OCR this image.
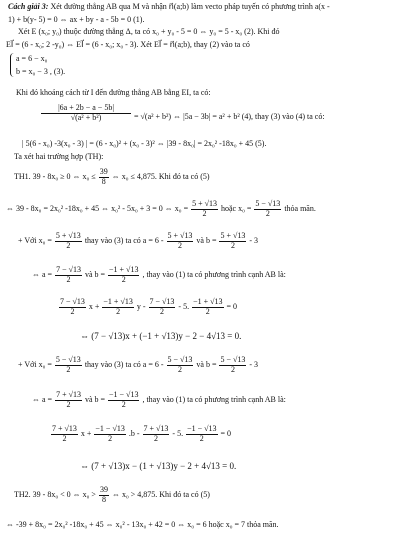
Cách giải 3: Xét đường thẳng AB qua M và nhận n⃗(a;b) làm vecto pháp tuyến có phương trình a(x -
1) + b(y- 5) = 0 ⇔ ax + by - a - 5b = 0 (1).
Xét E (x₀; y₀) thuộc đường thẳng Δ, ta có x₀ + y₀ - 5 = 0 ⇔ y₀ = 5 - x₀ (2). Khi đó
EI⃗ = (6 - x₀; 2 -y₀) ⇔ EI⃗ = (6 - x₀; x₀ - 3). Xét EI⃗ = n⃗(a;b), thay (2) vào ta có
a = 6 − x₀
b = x₀ − 3 , (3).
Khi đó khoảng cách từ I đến đường thẳng AB bằng EI, ta có:
$\frac{|6a + 2b - a - 5b|}{\text{√(a² + b²)}} = √(a^2 + b^2)$ ⇔ |5a − 3b| = a² + b² (4), thay (3) vào (4) ta có:
| 5(6 - x₀) -3(x₀ - 3) | = (6 - x₀)² + (x₀ - 3)² ⇔ |39 - 8x₀| = 2x₀² -18x₀ + 45 (5).
Ta xét hai trường hợp (TH):
TH1. 39 - 8x₀ ≥ 0 ⇔ $x_0 \le \frac{39}{8}$ ⇔ x₀ ≤ 4,875. Khi đó ta có (5)
⇔ 39 - 8x₀ = 2x₀² -18x₀ + 45 ⇔ x₀² - 5x₀ + 3 = 0 ⇔ $x_0 = \frac{5 + √13}{2}$ hoặc $x_0 = \frac{5 - √13}{2}$ thỏa mãn.
+ Với $x_0 = \frac{5 + √13}{2}$ thay vào (3) ta có $a = 6 - \frac{5 + √13}{2}$ và $b = \frac{5 + √13}{2} - 3$
⇔ $a = \frac{7 - √13}{2}$ và $b = \frac{-1 + √13}{2}$ , thay vào (1) ta có phương trình cạnh AB là:
$\frac{7 - √13}{2}$ $x + \frac{-1 + √13}{2}$ y - $\frac{7 - √13}{2} - 5$. $\frac{-1 + √13}{2} = 0$
⇔ (7 − √13)x + (−1 + √13)y − 2 − 4√13 = 0.
+ Với $x_0 = \frac{5 - √13}{2}$ thay vào (3) ta có $a = 6 - \frac{5 - √13}{2}$ và $b = \frac{5 - √13}{2} - 3$
⇔ $a = \frac{7 + √13}{2}$ và $b = \frac{-1 - √13}{2}$ , thay vào (1) ta có phương trình cạnh AB là:
$\frac{7 + √13}{2}$ $x + \frac{-1 - √13}{2} .b - \frac{7 + √13}{2} - 5$. $\frac{-1 - √13}{2} = 0$
⇔ (7 + √13)x − (1 + √13)y − 2 + 4√13 = 0.
TH2. 39 - 8x₀ < 0 ⇔ $x_0 > \frac{39}{8}$ ⇔ x₀ > 4,875. Khi đó ta có (5)
⇔ -39 + 8x₀ = 2x₀² -18x₀ + 45 ⇔ x₀² - 13x₀ + 42 = 0 ⇔ x₀ = 6 hoặc x₀ = 7 thỏa mãn.
